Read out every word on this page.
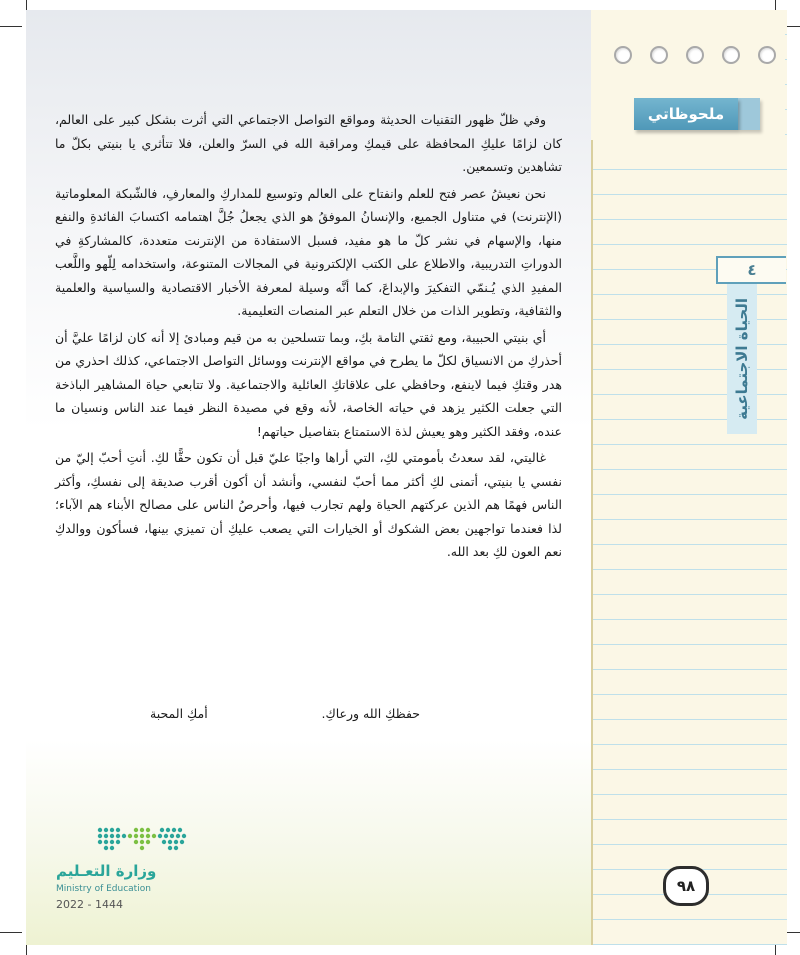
ملحوظاتي
٤
الحياة الاجتماعية

وفي ظلّ ظهور التقنيات الحديثة ومواقع التواصل الاجتماعي التي أثرت بشكل كبير على العالم، كان لزامًا عليكِ المحافظة على قيمكِ ومراقبة الله في السرّ والعلن، فلا تتأثري يا بنيتي بكلّ ما تشاهدين وتسمعين.

نحن نعيشُ عصر فتح للعلم وانفتاح على العالم وتوسيع للمداركِ والمعارفِ، فالشّبكة المعلوماتية (الإنترنت) في متناول الجميع، والإنسانُ الموفقُ هو الذي يجعلُ جُلَّ اهتمامه اكتسابَ الفائدةِ والنفع منها، والإسهام في نشر كلّ ما هو مفيد، فسبل الاستفادة من الإنترنت متعددة، كالمشاركةِ في الدوراتِ التدريبية، والاطلاع على الكتب الإلكترونية في المجالات المتنوعة، واستخدامه لِلّهو واللَّعب المفيدِ الذي يُـنمّي التفكيرَ والإبداعَ، كما أنَّه وسيلة لمعرفة الأخبار الاقتصادية والسياسية والعلمية والثقافية، وتطوير الذات من خلال التعلم عبر المنصات التعليمية.

أي بنيتي الحبيبة، ومع ثقتي التامة بكِ، وبما تتسلحين به من قيم ومبادئ إلا أنه كان لزامًا عليَّ أن أحذركِ من الانسياق لكلّ ما يطرح في مواقع الإنترنت ووسائل التواصل الاجتماعي، كذلك احذري من هدر وقتكِ فيما لاينفع، وحافظي على علاقاتكِ العائلية والاجتماعية. ولا تتابعي حياة المشاهير الباذخة التي جعلت الكثير يزهد في حياته الخاصة، لأنه وقع في مصيدة النظر فيما عند الناس ونسيان ما عنده، وفقد الكثير وهو يعيش لذة الاستمتاع بتفاصيل حياتهم!

غاليتي، لقد سعدتُ بأمومتي لكِ، التي أراها واجبًا عليّ قبل أن تكون حقًّا لكِ. أنتِ أحبّ إليّ من نفسي يا بنيتي، أتمنى لكِ أكثر مما أحبّ لنفسي، وأنشد أن أكون أقرب صديقة إلى نفسكِ، وأكثر الناس فهمًا هم الذين عركتهم الحياة ولهم تجارب فيها، وأحرصُ الناس على مصالح الأبناء هم الآباء؛ لذا فعندما تواجهين بعض الشكوك أو الخيارات التي يصعب عليكِ أن تميزي بينها، فسأكون ووالدكِ نعم العون لكِ بعد الله.

حفظكِ الله ورعاكِ.
أمكِ المحبة
٩٨
وزارة التعـليم
Ministry of Education
2022 - 1444
